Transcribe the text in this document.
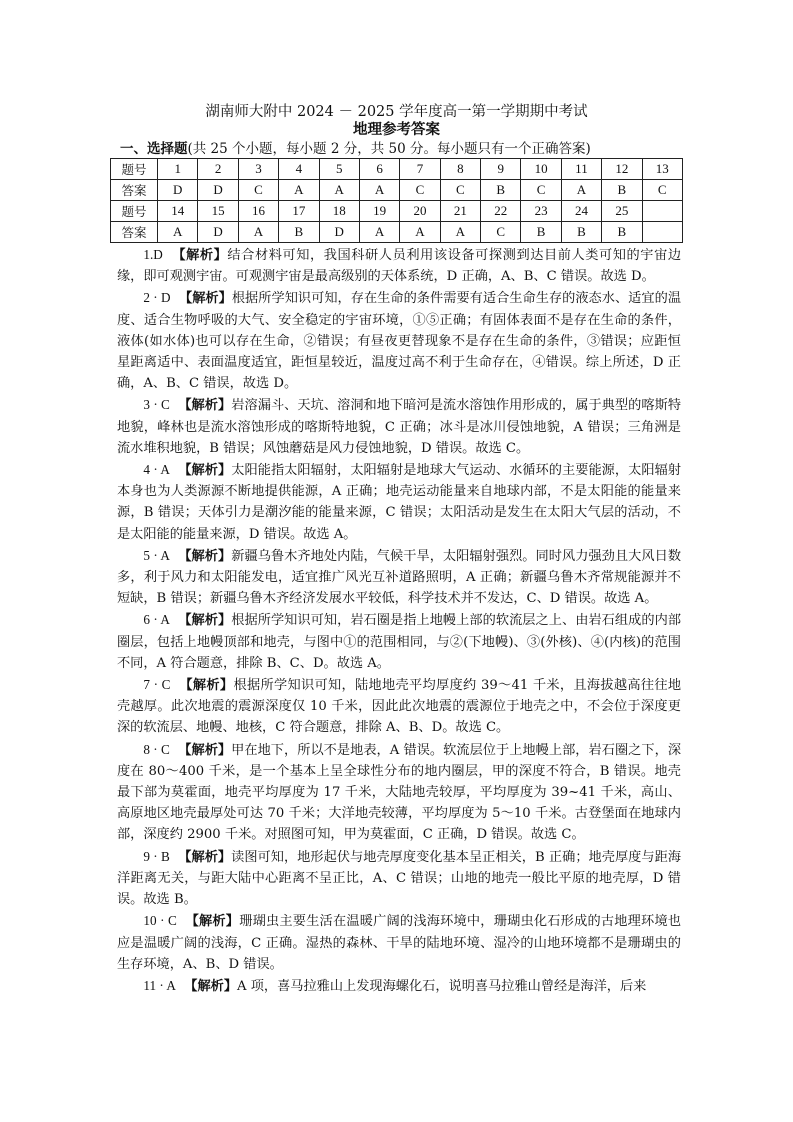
湖南师大附中 2024 － 2025 学年度高一第一学期期中考试
地理参考答案
一、选择题(共 25 个小题，每小题 2 分，共 50 分。每小题只有一个正确答案)
题号	1	2	3	4	5	6	7	8	9	10	11	12	13
答案	D	D	C	A	A	A	C	C	B	C	A	B	C
题号	14	15	16	17	18	19	20	21	22	23	24	25	
答案	A	D	A	B	D	A	A	A	C	B	B	B	

1.D 【解析】结合材料可知，我国科研人员利用该设备可探测到达目前人类可知的宇宙边缘，即可观测宇宙。可观测宇宙是最高级别的天体系统，D 正确，A、B、C 错误。故选 D。

2 · D 【解析】根据所学知识可知，存在生命的条件需要有适合生命生存的液态水、适宜的温度、适合生物呼吸的大气、安全稳定的宇宙环境，①⑤正确；有固体表面不是存在生命的条件，液体(如水体)也可以存在生命，②错误；有昼夜更替现象不是存在生命的条件，③错误；应距恒星距离适中、表面温度适宜，距恒星较近，温度过高不利于生命存在，④错误。综上所述，D 正确，A、B、C 错误，故选 D。

3 · C 【解析】岩溶漏斗、天坑、溶洞和地下暗河是流水溶蚀作用形成的，属于典型的喀斯特地貌，峰林也是流水溶蚀形成的喀斯特地貌，C 正确；冰斗是冰川侵蚀地貌，A 错误；三角洲是流水堆积地貌，B 错误；风蚀蘑菇是风力侵蚀地貌，D 错误。故选 C。

4 · A 【解析】太阳能指太阳辐射，太阳辐射是地球大气运动、水循环的主要能源，太阳辐射本身也为人类源源不断地提供能源，A 正确；地壳运动能量来自地球内部，不是太阳能的能量来源，B 错误；天体引力是潮汐能的能量来源，C 错误；太阳活动是发生在太阳大气层的活动，不是太阳能的能量来源，D 错误。故选 A。

5 · A 【解析】新疆乌鲁木齐地处内陆，气候干旱，太阳辐射强烈。同时风力强劲且大风日数多，利于风力和太阳能发电，适宜推广风光互补道路照明，A 正确；新疆乌鲁木齐常规能源并不短缺，B 错误；新疆乌鲁木齐经济发展水平较低，科学技术并不发达，C、D 错误。故选 A。

6 · A 【解析】根据所学知识可知，岩石圈是指上地幔上部的软流层之上、由岩石组成的内部圈层，包括上地幔顶部和地壳，与图中①的范围相同，与②(下地幔)、③(外核)、④(内核)的范围不同，A 符合题意，排除 B、C、D。故选 A。

7 · C 【解析】根据所学知识可知，陆地地壳平均厚度约 39～41 千米，且海拔越高往往地壳越厚。此次地震的震源深度仅 10 千米，因此此次地震的震源位于地壳之中，不会位于深度更深的软流层、地幔、地核，C 符合题意，排除 A、B、D。故选 C。

8 · C 【解析】甲在地下，所以不是地表，A 错误。软流层位于上地幔上部，岩石圈之下，深度在 80～400 千米，是一个基本上呈全球性分布的地内圈层，甲的深度不符合，B 错误。地壳最下部为莫霍面，地壳平均厚度为 17 千米，大陆地壳较厚，平均厚度为 39~41 千米，高山、高原地区地壳最厚处可达 70 千米；大洋地壳较薄，平均厚度为 5～10 千米。古登堡面在地球内部，深度约 2900 千米。对照图可知，甲为莫霍面，C 正确，D 错误。故选 C。

9 · B 【解析】读图可知，地形起伏与地壳厚度变化基本呈正相关，B 正确；地壳厚度与距海洋距离无关，与距大陆中心距离不呈正比，A、C 错误；山地的地壳一般比平原的地壳厚，D 错误。故选 B。

10 · C 【解析】珊瑚虫主要生活在温暖广阔的浅海环境中，珊瑚虫化石形成的古地理环境也应是温暖广阔的浅海，C 正确。湿热的森林、干旱的陆地环境、湿冷的山地环境都不是珊瑚虫的生存环境，A、B、D 错误。

11 · A 【解析】A 项，喜马拉雅山上发现海螺化石，说明喜马拉雅山曾经是海洋，后来
